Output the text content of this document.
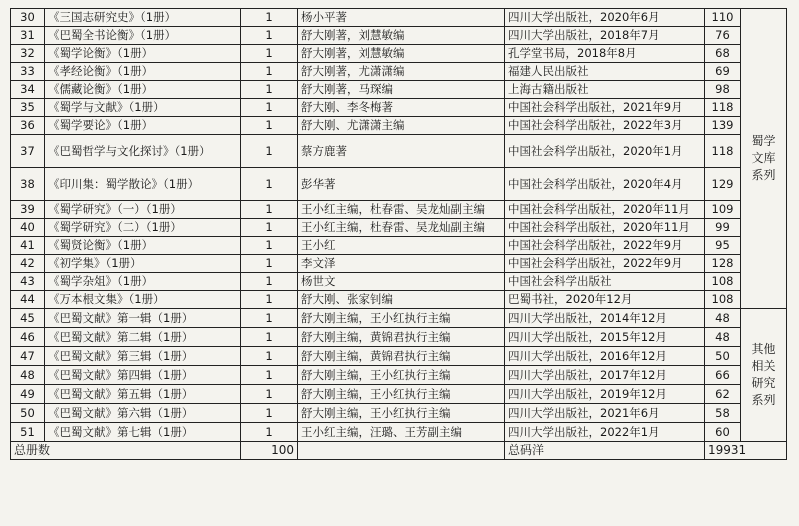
30	《三国志研究史》（1册）	1	杨小平著	四川大学出版社，2020年6月	110	蜀学文库系列
31	《巴蜀全书论衡》（1册）	1	舒大刚著，刘慧敏编	四川大学出版社，2018年7月	76	
32	《蜀学论衡》（1册）	1	舒大刚著，刘慧敏编	孔学堂书局，2018年8月	68	
33	《孝经论衡》（1册）	1	舒大刚著，尤潇潇编	福建人民出版社	69	
34	《儒藏论衡》（1册）	1	舒大刚著，马琛编	上海古籍出版社	98	
35	《蜀学与文献》（1册）	1	舒大刚、李冬梅著	中国社会科学出版社，2021年9月	118	
36	《蜀学要论》（1册）	1	舒大刚、尤潇潇主编	中国社会科学出版社，2022年3月	139	
37	《巴蜀哲学与文化探讨》（1册）	1	蔡方鹿著	中国社会科学出版社，2020年1月	118	
38	《印川集：蜀学散论》（1册）	1	彭华著	中国社会科学出版社，2020年4月	129	
39	《蜀学研究》（一）（1册）	1	王小红主编，杜春雷、吴龙灿副主编	中国社会科学出版社，2020年11月	109	
40	《蜀学研究》（二）（1册）	1	王小红主编，杜春雷、吴龙灿副主编	中国社会科学出版社，2020年11月	99	
41	《蜀贤论衡》（1册）	1	王小红	中国社会科学出版社，2022年9月	95	
42	《初学集》（1册）	1	李文泽	中国社会科学出版社，2022年9月	128	
43	《蜀学杂俎》（1册）	1	杨世文	中国社会科学出版社	108	
44	《万本根文集》（1册）	1	舒大刚、张家钊编	巴蜀书社，2020年12月	108	
45	《巴蜀文献》第一辑（1册）	1	舒大刚主编，王小红执行主编	四川大学出版社，2014年12月	48	其他相关研究系列
46	《巴蜀文献》第二辑（1册）	1	舒大刚主编，黄锦君执行主编	四川大学出版社，2015年12月	48	
47	《巴蜀文献》第三辑（1册）	1	舒大刚主编，黄锦君执行主编	四川大学出版社，2016年12月	50	
48	《巴蜀文献》第四辑（1册）	1	舒大刚主编，王小红执行主编	四川大学出版社，2017年12月	66	
49	《巴蜀文献》第五辑（1册）	1	舒大刚主编，王小红执行主编	四川大学出版社，2019年12月	62	
50	《巴蜀文献》第六辑（1册）	1	舒大刚主编，王小红执行主编	四川大学出版社，2021年6月	58	
51	《巴蜀文献》第七辑（1册）	1	王小红主编，汪璐、王芳副主编	四川大学出版社，2022年1月	60	
总册数		100		总码洋	19931	
